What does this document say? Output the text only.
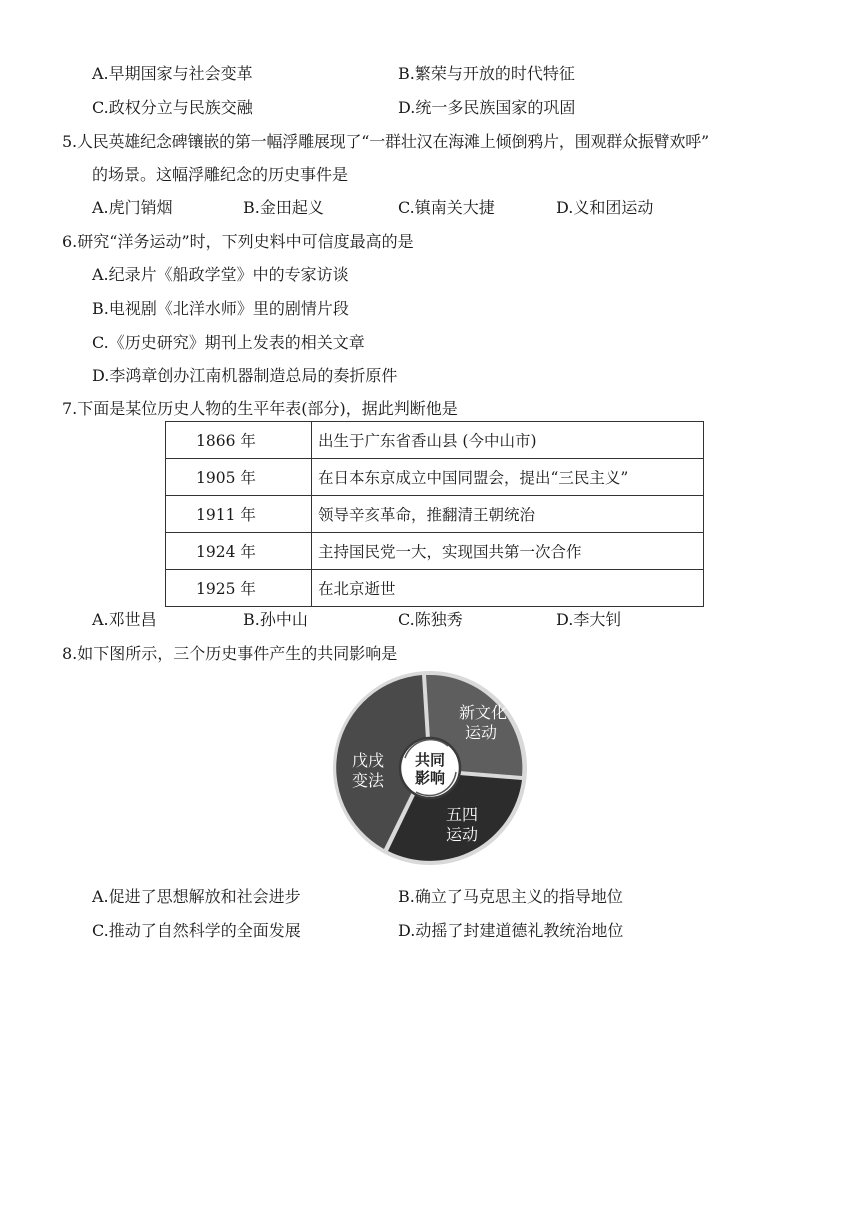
A.早期国家与社会变革	B.繁荣与开放的时代特征
C.政权分立与民族交融	D.统一多民族国家的巩固
5.人民英雄纪念碑镶嵌的第一幅浮雕展现了“一群壮汉在海滩上倾倒鸦片，围观群众振臂欢呼”
的场景。这幅浮雕纪念的历史事件是
A.虎门销烟	B.金田起义	C.镇南关大捷	D.义和团运动
6.研究“洋务运动”时，下列史料中可信度最高的是
A.纪录片《船政学堂》中的专家访谈
B.电视剧《北洋水师》里的剧情片段
C.《历史研究》期刊上发表的相关文章
D.李鸿章创办江南机器制造总局的奏折原件
7.下面是某位历史人物的生平年表(部分)，据此判断他是
1866 年	出生于广东省香山县 (今中山市)
1905 年	在日本东京成立中国同盟会，提出“三民主义”
1911 年	领导辛亥革命，推翻清王朝统治
1924 年	主持国民党一大，实现国共第一次合作
1925 年	在北京逝世
A.邓世昌	B.孙中山	C.陈独秀	D.李大钊
8.如下图所示，三个历史事件产生的共同影响是
共同
影响
新文化
运动
五四
运动
戊戌
变法
A.促进了思想解放和社会进步	B.确立了马克思主义的指导地位
C.推动了自然科学的全面发展	D.动摇了封建道德礼教统治地位
